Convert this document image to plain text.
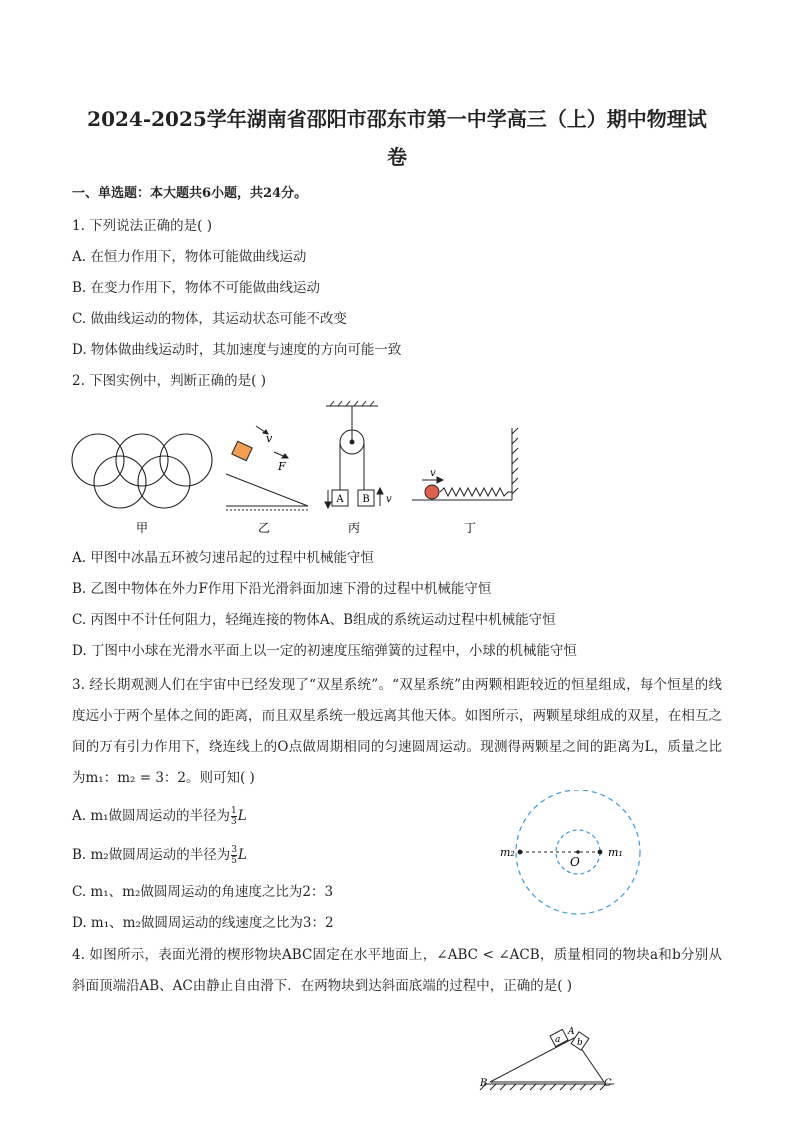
2024-2025学年湖南省邵阳市邵东市第一中学高三（上）期中物理试
卷
一、单选题：本大题共6小题，共24分。
1. 下列说法正确的是( )
A. 在恒力作用下，物体可能做曲线运动
B. 在变力作用下，物体不可能做曲线运动
C. 做曲线运动的物体，其运动状态可能不改变
D. 物体做曲线运动时，其加速度与速度的方向可能一致
2. 下图实例中，判断正确的是( )
甲
v
F
乙
A B v
丙
v
丁
A. 甲图中冰晶五环被匀速吊起的过程中机械能守恒
B. 乙图中物体在外力F作用下沿光滑斜面加速下滑的过程中机械能守恒
C. 丙图中不计任何阻力，轻绳连接的物体A、B组成的系统运动过程中机械能守恒
D. 丁图中小球在光滑水平面上以一定的初速度压缩弹簧的过程中，小球的机械能守恒
3. 经长期观测人们在宇宙中已经发现了“双星系统”。“双星系统”由两颗相距较近的恒星组成，每个恒星的线度远小于两个星体之间的距离，而且双星系统一般远离其他天体。如图所示，两颗星球组成的双星，在相互之间的万有引力作用下，绕连线上的O点做周期相同的匀速圆周运动。现测得两颗星之间的距离为L，质量之比为m₁：m₂ = 3：2。则可知( )
A. m₁做圆周运动的半径为 $\frac{1}{3}$ L
B. m₂做圆周运动的半径为 $\frac{3}{5}$ L
C. m₁、m₂做圆周运动的角速度之比为2：3
D. m₁、m₂做圆周运动的线速度之比为3：2
m₂
O
m₁
4. 如图所示，表面光滑的楔形物块ABC固定在水平地面上，∠ABC < ∠ACB，质量相同的物块a和b分别从斜面顶端沿AB、AC由静止自由滑下．在两物块到达斜面底端的过程中，正确的是( )
a b
A
B	C
